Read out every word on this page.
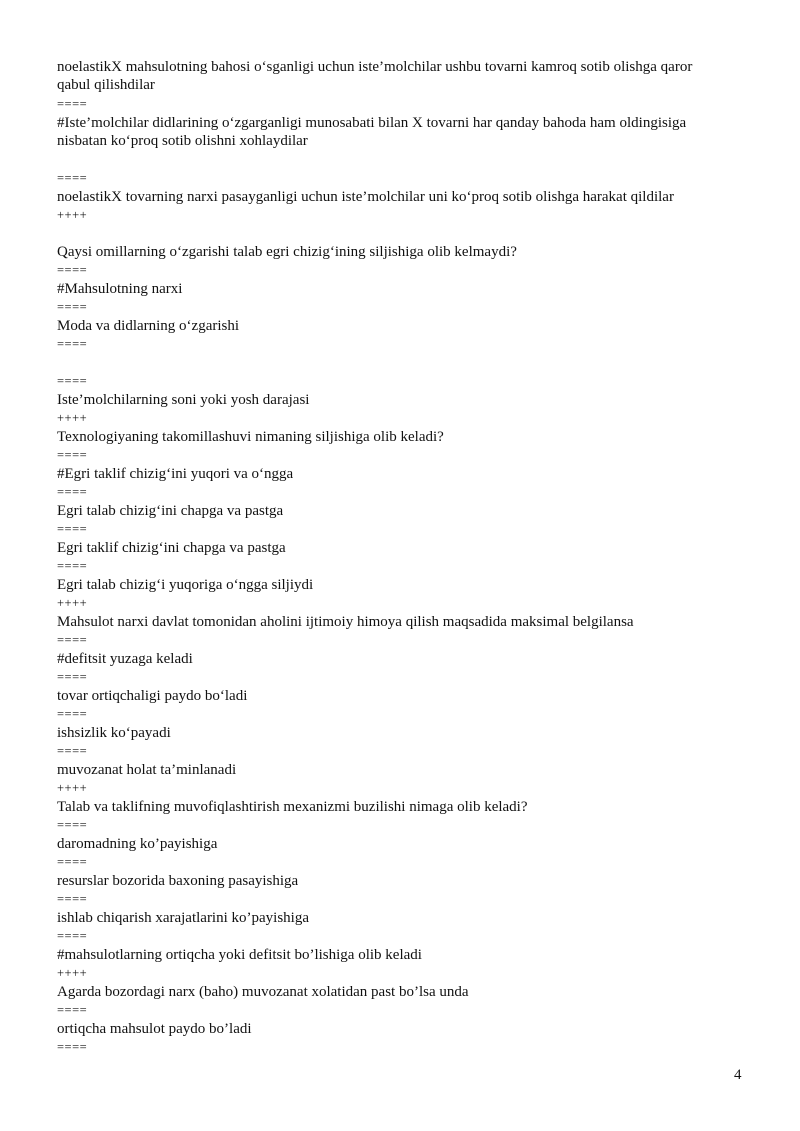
noelastikX mahsulotning bahosi o‘sganligi uchun iste’molchilar ushbu tovarni kamroq sotib olishga qaror
qabul qilishdilar
====
#Iste’molchilar didlarining o‘zgarganligi munosabati bilan X tovarni har qanday bahoda ham oldingisiga
nisbatan ko‘proq sotib olishni xohlaydilar
====
noelastikX tovarning narxi pasayganligi uchun iste’molchilar uni ko‘proq sotib olishga harakat qildilar
++++
Qaysi omillarning o‘zgarishi talab egri chizig‘ining siljishiga olib kelmaydi?
====
#Mahsulotning narxi
====
Moda va didlarning o‘zgarishi
====
====
Iste’molchilarning soni yoki yosh darajasi
++++
Texnologiyaning takomillashuvi nimaning siljishiga olib keladi?
====
#Egri taklif chizig‘ini yuqori va o‘ngga
====
Egri talab chizig‘ini chapga va pastga
====
Egri taklif chizig‘ini chapga va pastga
====
Egri talab chizig‘i yuqoriga o‘ngga siljiydi
++++
Mahsulot narxi davlat tomonidan aholini ijtimoiy himoya qilish maqsadida maksimal belgilansa
====
#defitsit yuzaga keladi
====
tovar ortiqchaligi paydo bo‘ladi
====
ishsizlik ko‘payadi
====
muvozanat holat ta’minlanadi
++++
Talab va taklifning muvofiqlashtirish mexanizmi buzilishi nimaga olib keladi?
====
daromadning ko’payishiga
====
resurslar bozorida baxoning pasayishiga
====
ishlab chiqarish xarajatlarini ko’payishiga
====
#mahsulotlarning ortiqcha yoki defitsit bo’lishiga olib keladi
++++
Agarda bozordagi narx (baho) muvozanat xolatidan past bo’lsa unda
====
ortiqcha mahsulot paydo bo’ladi
====
4
